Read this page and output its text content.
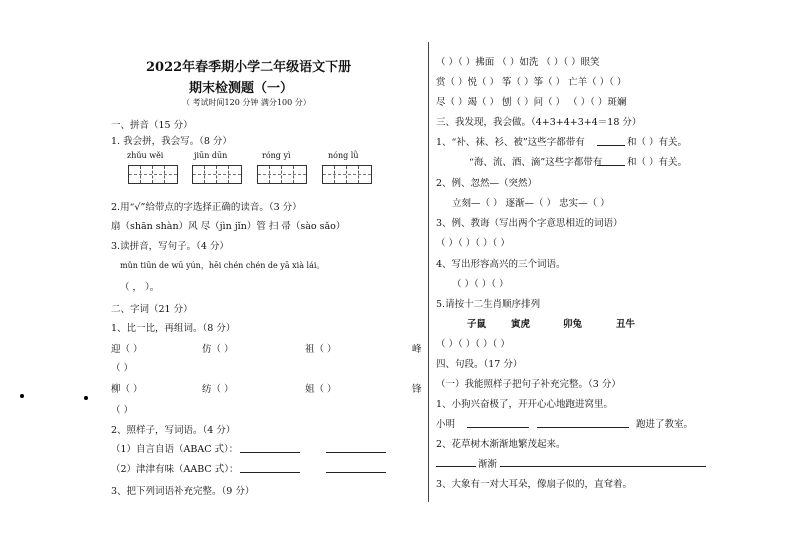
2022年春季期小学二年级语文下册
期末检测题（一）
（ 考试时间120 分钟 满分100 分）
一、拼音（15 分）
1. 我会拼，我会写。（8 分）
zhǔu wěi	jiūn dūn	róng yì	nóng lǜ
2.用“√”给带点的字选择正确的读音。（3 分）
扇（shān shàn）风 尽（jìn jǐn）管 扫 帚（sào sǎo）
3.读拼音，写句子。（4 分）
mǔn tiūn de wū yún，hēi chén chén de yā xià lái。
（ ， ）。
二、字词（21 分）
1、比一比，再组词。（8 分）
迎（ ）	仿（ ）	祖（ ）	峰
（ ）
柳（ ）	纺（ ）	姐（ ）	锋
（ ）
2、照样子，写词语。（4 分）
（1）自言自语（ABAC 式）：
（2）津津有味（AABC 式）：
3、把下列词语补充完整。（9 分）
（ ）（ ）拂面 （ ）如洗 （ ）（ ）眼笑
赏（ ）悦（ ） 筝（ ）筝（ ） 亡羊（ ）（ ）
尽（ ）竭（ ） 刨（ ）问（ ） （ ）（ ）斑斓
三、我发现，我会做。（4+3+4+3+4＝18 分）
1、“补、袜、衫、被”这些字都带有	和（ ）有关。
“海、流、酒、滴”这些字都带有	和（ ）有关。
2、例、忽然—（突然）
立刻—（ ） 逐渐—（ ） 忠实—（ ）
3、例、教诲（写出两个字意思相近的词语）
（ ）（ ）（ ）（ ）
4、写出形容高兴的三个词语。
（ ）（ ）（ ）
5.请按十二生肖顺序排列
子鼠	寅虎	卯兔	丑牛
（ ）（ ）（ ）（ ）
四、句段。（17 分）
（一）我能照样子把句子补充完整。（3 分）
1、小狗兴奋极了，开开心心地跑进窝里。
小明	跑进了教室。
2、花草树木渐渐地繁茂起来。
渐渐
3、大象有一对大耳朵，像扇子似的，直耷着。
